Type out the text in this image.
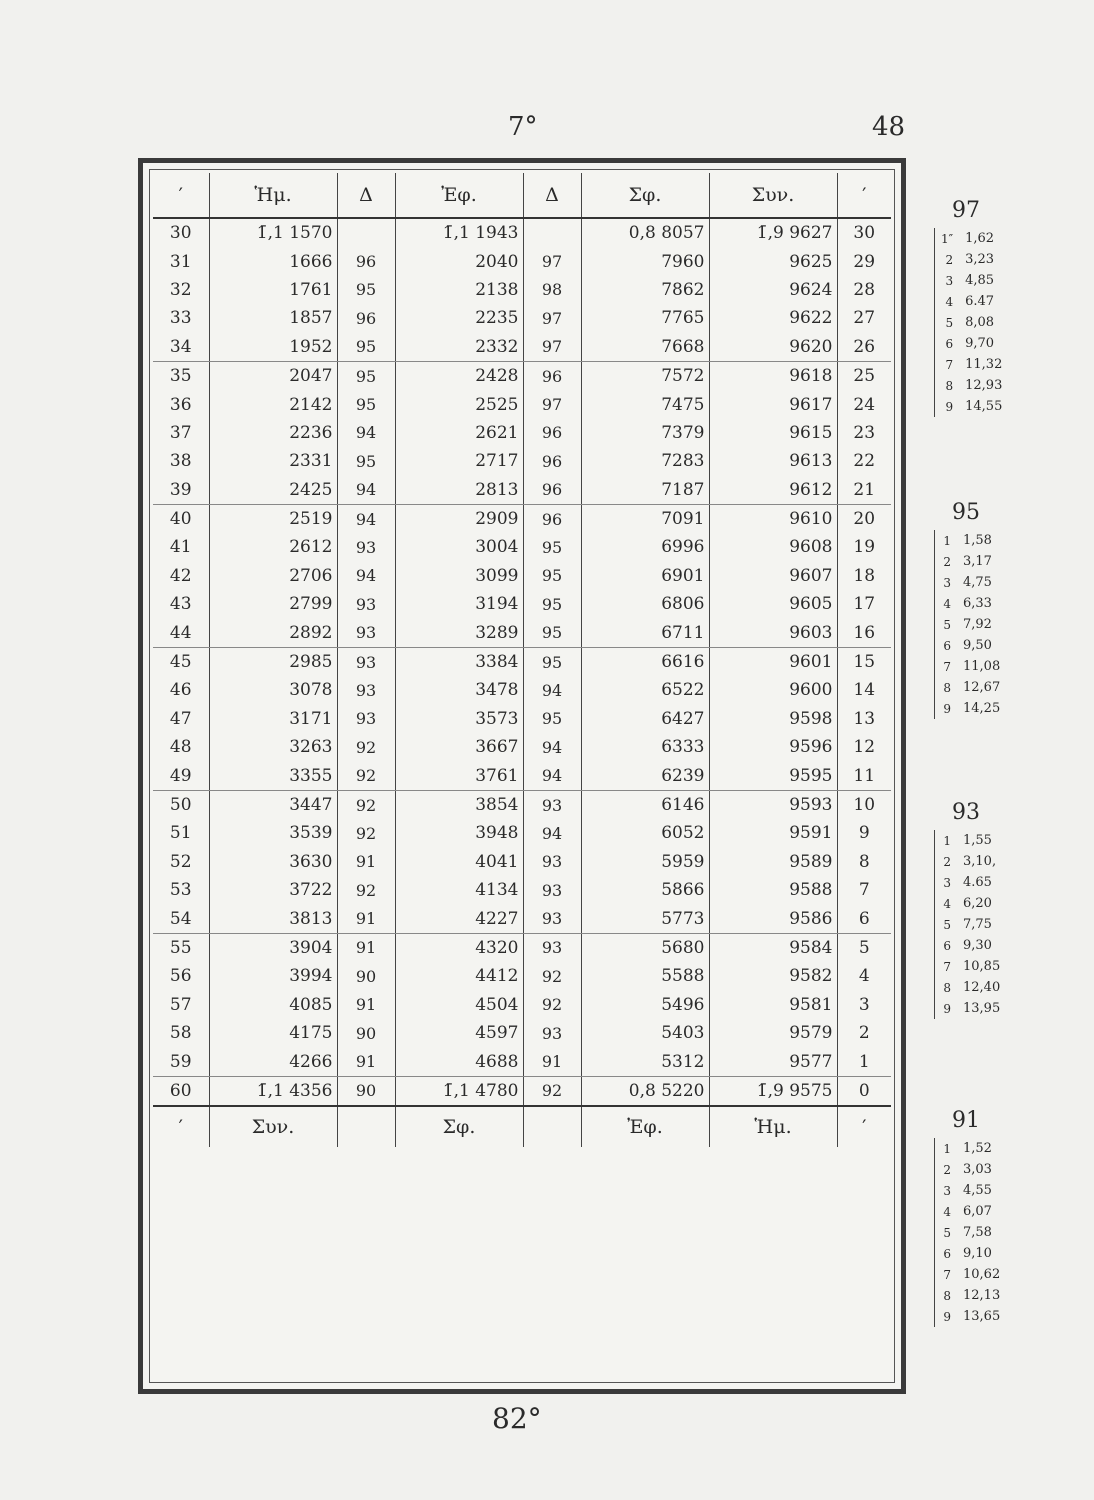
7°	48
′	Ἡμ.	Δ	Ἐφ.	Δ	Σφ.	Συν.	′
30	1̄,1 1570		1̄,1 1943		0,8 8057	1̄,9 9627	30
31	1666	96	2040	97	7960	9625	29
32	1761	95	2138	98	7862	9624	28
33	1857	96	2235	97	7765	9622	27
34	1952	95	2332	97	7668	9620	26
35	2047	95	2428	96	7572	9618	25
36	2142	95	2525	97	7475	9617	24
37	2236	94	2621	96	7379	9615	23
38	2331	95	2717	96	7283	9613	22
39	2425	94	2813	96	7187	9612	21
40	2519	94	2909	96	7091	9610	20
41	2612	93	3004	95	6996	9608	19
42	2706	94	3099	95	6901	9607	18
43	2799	93	3194	95	6806	9605	17
44	2892	93	3289	95	6711	9603	16
45	2985	93	3384	95	6616	9601	15
46	3078	93	3478	94	6522	9600	14
47	3171	93	3573	95	6427	9598	13
48	3263	92	3667	94	6333	9596	12
49	3355	92	3761	94	6239	9595	11
50	3447	92	3854	93	6146	9593	10
51	3539	92	3948	94	6052	9591	9
52	3630	91	4041	93	5959	9589	8
53	3722	92	4134	93	5866	9588	7
54	3813	91	4227	93	5773	9586	6
55	3904	91	4320	93	5680	9584	5
56	3994	90	4412	92	5588	9582	4
57	4085	91	4504	92	5496	9581	3
58	4175	90	4597	93	5403	9579	2
59	4266	91	4688	91	5312	9577	1
60	1̄,1 4356	90	1̄,1 4780	92	0,8 5220	1̄,9 9575	0
′	Συν.		Σφ.		Ἐφ.	Ἡμ.	′
97
1″	1,62
2	3,23
3	4,85
4	6.47
5	8,08
6	9,70
7	11,32
8	12,93
9	14,55
95
1	1,58
2	3,17
3	4,75
4	6,33
5	7,92
6	9,50
7	11,08
8	12,67
9	14,25
93
1	1,55
2	3,10,
3	4.65
4	6,20
5	7,75
6	9,30
7	10,85
8	12,40
9	13,95
91
1	1,52
2	3,03
3	4,55
4	6,07
5	7,58
6	9,10
7	10,62
8	12,13
9	13,65
82°
